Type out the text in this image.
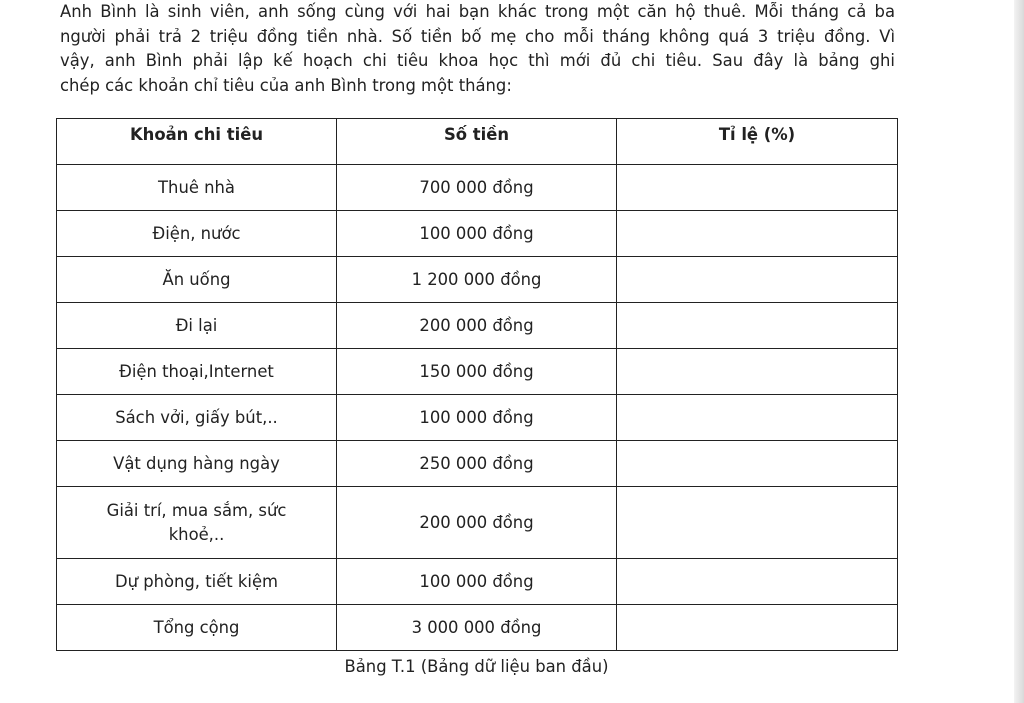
Anh Bình là sinh viên, anh sống cùng với hai bạn khác trong một căn hộ thuê. Mỗi tháng cả ba
người phải trả 2 triệu đồng tiền nhà. Số tiền bố mẹ cho mỗi tháng không quá 3 triệu đồng. Vì
vậy, anh Bình phải lập kế hoạch chi tiêu khoa học thì mới đủ chi tiêu. Sau đây là bảng ghi
chép các khoản chỉ tiêu của anh Bình trong một tháng:
Khoản chi tiêu	Số tiền	Tỉ lệ (%)
Thuê nhà	700 000 đồng	
Điện, nước	100 000 đồng	
Ăn uống	1 200 000 đồng	
Đi lại	200 000 đồng	
Điện thoại,Internet	150 000 đồng	
Sách vởi, giấy bút,..	100 000 đồng	
Vật dụng hàng ngày	250 000 đồng	
Giải trí, mua sắm, sức khoẻ,..	200 000 đồng	
Dự phòng, tiết kiệm	100 000 đồng	
Tổng cộng	3 000 000 đồng	
Bảng T.1 (Bảng dữ liệu ban đầu)
